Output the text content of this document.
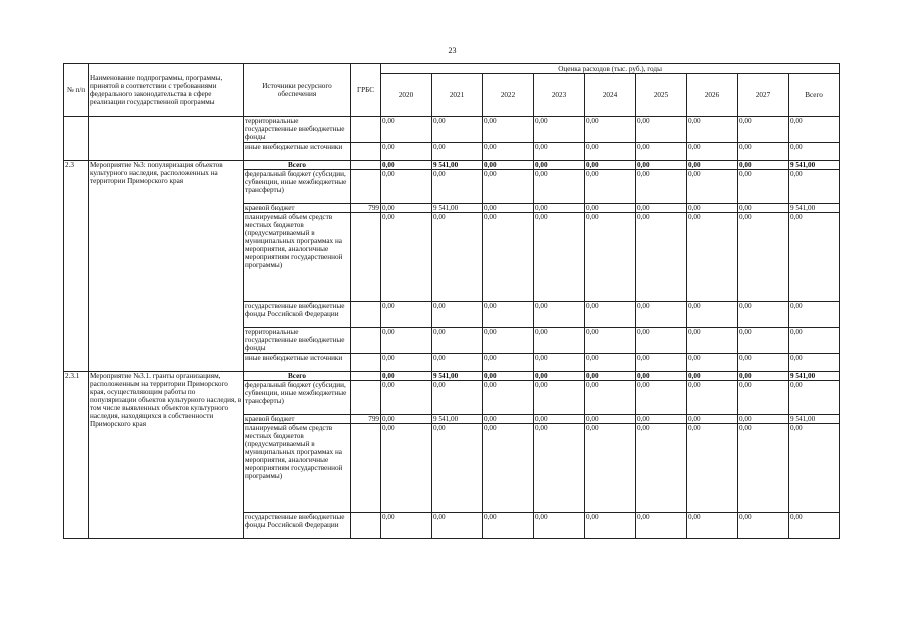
23
№ п/п	Наименование подпрограммы, программы, принятой в соответствии с требованиями федерального законодательства в сфере реализации государственной программы	Источники ресурсного обеспечения	ГРБС	Оценка расходов (тыс. руб.), годы								
				2020	2021	2022	2023	2024	2025	2026	2027	Всего
		территориальные государственные внебюджетные фонды		0,00	0,00	0,00	0,00	0,00	0,00	0,00	0,00	0,00
		иные внебюджетные источники		0,00	0,00	0,00	0,00	0,00	0,00	0,00	0,00	0,00
2.3	Мероприятие №3: популяризация объектов культурного наследия, расположенных на территории Приморского края	Всего		0,00	9 541,00	0,00	0,00	0,00	0,00	0,00	0,00	9 541,00
		федеральный бюджет (субсидии, субвенции, иные межбюджетные трансферты)		0,00	0,00	0,00	0,00	0,00	0,00	0,00	0,00	0,00
		краевой бюджет	799	0,00	9 541,00	0,00	0,00	0,00	0,00	0,00	0,00	9 541,00
		планируемый объем средств местных бюджетов (предусматриваемый в муниципальных программах на мероприятия, аналогичные мероприятиям государственной программы)		0,00	0,00	0,00	0,00	0,00	0,00	0,00	0,00	0,00
		государственные внебюджетные фонды Российской Федерации		0,00	0,00	0,00	0,00	0,00	0,00	0,00	0,00	0,00
		территориальные государственные внебюджетные фонды		0,00	0,00	0,00	0,00	0,00	0,00	0,00	0,00	0,00
		иные внебюджетные источники		0,00	0,00	0,00	0,00	0,00	0,00	0,00	0,00	0,00
2.3.1	Мероприятие №3.1. гранты организациям, расположенным на территории Приморского края, осуществляющим работы по популяризации объектов культурного наследия, в том числе выявленных объектов культурного наследия, находящихся в собственности Приморского края	Всего		0,00	9 541,00	0,00	0,00	0,00	0,00	0,00	0,00	9 541,00
		федеральный бюджет (субсидии, субвенции, иные межбюджетные трансферты)		0,00	0,00	0,00	0,00	0,00	0,00	0,00	0,00	0,00
		краевой бюджет	799	0,00	9 541,00	0,00	0,00	0,00	0,00	0,00	0,00	9 541,00
		планируемый объем средств местных бюджетов (предусматриваемый в муниципальных программах на мероприятия, аналогичные мероприятиям государственной программы)		0,00	0,00	0,00	0,00	0,00	0,00	0,00	0,00	0,00
		государственные внебюджетные фонды Российской Федерации		0,00	0,00	0,00	0,00	0,00	0,00	0,00	0,00	0,00
